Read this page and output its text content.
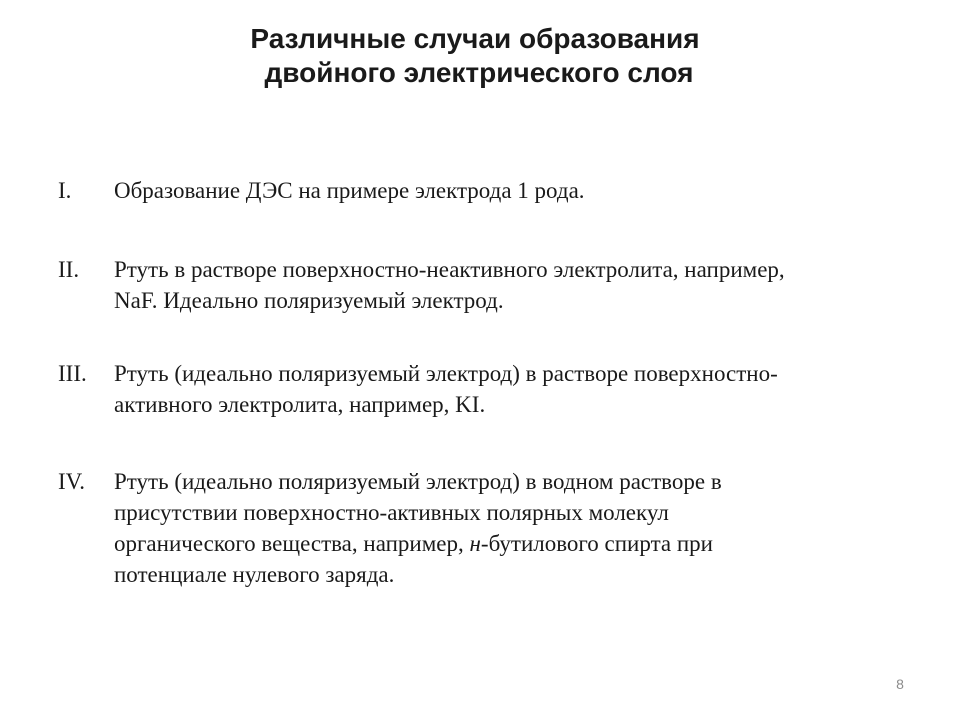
Различные случаи образования
двойного электрического слоя
I.	Образование ДЭС на примере электрода 1 рода.
II.	Ртуть в растворе поверхностно-неактивного электролита, например,
NaF. Идеально поляризуемый электрод.
III.	Ртуть (идеально поляризуемый электрод) в растворе поверхностно-
активного электролита, например, KI.
IV.	Ртуть (идеально поляризуемый электрод) в водном растворе в
присутствии поверхностно-активных полярных молекул
органического вещества, например, н-бутилового спирта при
потенциале нулевого заряда.
8
